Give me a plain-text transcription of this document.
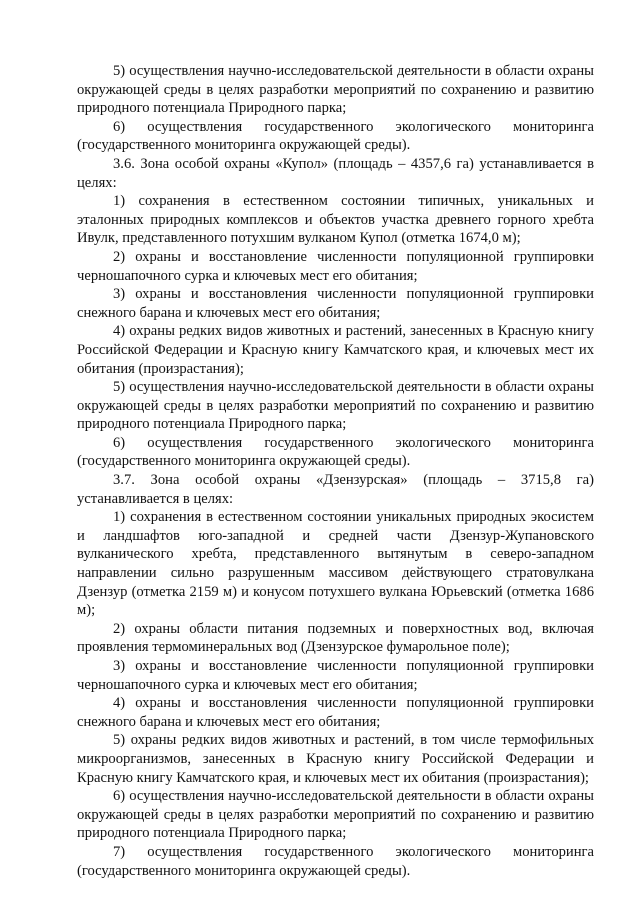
5) осуществления научно-исследовательской деятельности в области охраны окружающей среды в целях разработки мероприятий по сохранению и развитию природного потенциала Природного парка;

6) осуществления государственного экологического мониторинга (государственного мониторинга окружающей среды).

3.6. Зона особой охраны «Купол» (площадь – 4357,6 га) устанавливается в целях:

1) сохранения в естественном состоянии типичных, уникальных и эталонных природных комплексов и объектов участка древнего горного хребта Ивулк, представленного потухшим вулканом Купол (отметка 1674,0 м);

2) охраны и восстановление численности популяционной группировки черношапочного сурка и ключевых мест его обитания;

3) охраны и восстановления численности популяционной группировки снежного барана и ключевых мест его обитания;

4) охраны редких видов животных и растений, занесенных в Красную книгу Российской Федерации и Красную книгу Камчатского края, и ключевых мест их обитания (произрастания);

5) осуществления научно-исследовательской деятельности в области охраны окружающей среды в целях разработки мероприятий по сохранению и развитию природного потенциала Природного парка;

6) осуществления государственного экологического мониторинга (государственного мониторинга окружающей среды).

3.7. Зона особой охраны «Дзензурская» (площадь – 3715,8 га) устанавливается в целях:

1) сохранения в естественном состоянии уникальных природных экосистем и ландшафтов юго-западной и средней части Дзензур-Жупановского вулканического хребта, представленного вытянутым в северо-западном направлении сильно разрушенным массивом действующего стратовулкана Дзензур (отметка 2159 м) и конусом потухшего вулкана Юрьевский (отметка 1686 м);

2) охраны области питания подземных и поверхностных вод, включая проявления термоминеральных вод (Дзензурское фумарольное поле);

3) охраны и восстановление численности популяционной группировки черношапочного сурка и ключевых мест его обитания;

4) охраны и восстановления численности популяционной группировки снежного барана и ключевых мест его обитания;

5) охраны редких видов животных и растений, в том числе термофильных микроорганизмов, занесенных в Красную книгу Российской Федерации и Красную книгу Камчатского края, и ключевых мест их обитания (произрастания);

6) осуществления научно-исследовательской деятельности в области охраны окружающей среды в целях разработки мероприятий по сохранению и развитию природного потенциала Природного парка;

7) осуществления государственного экологического мониторинга (государственного мониторинга окружающей среды).
